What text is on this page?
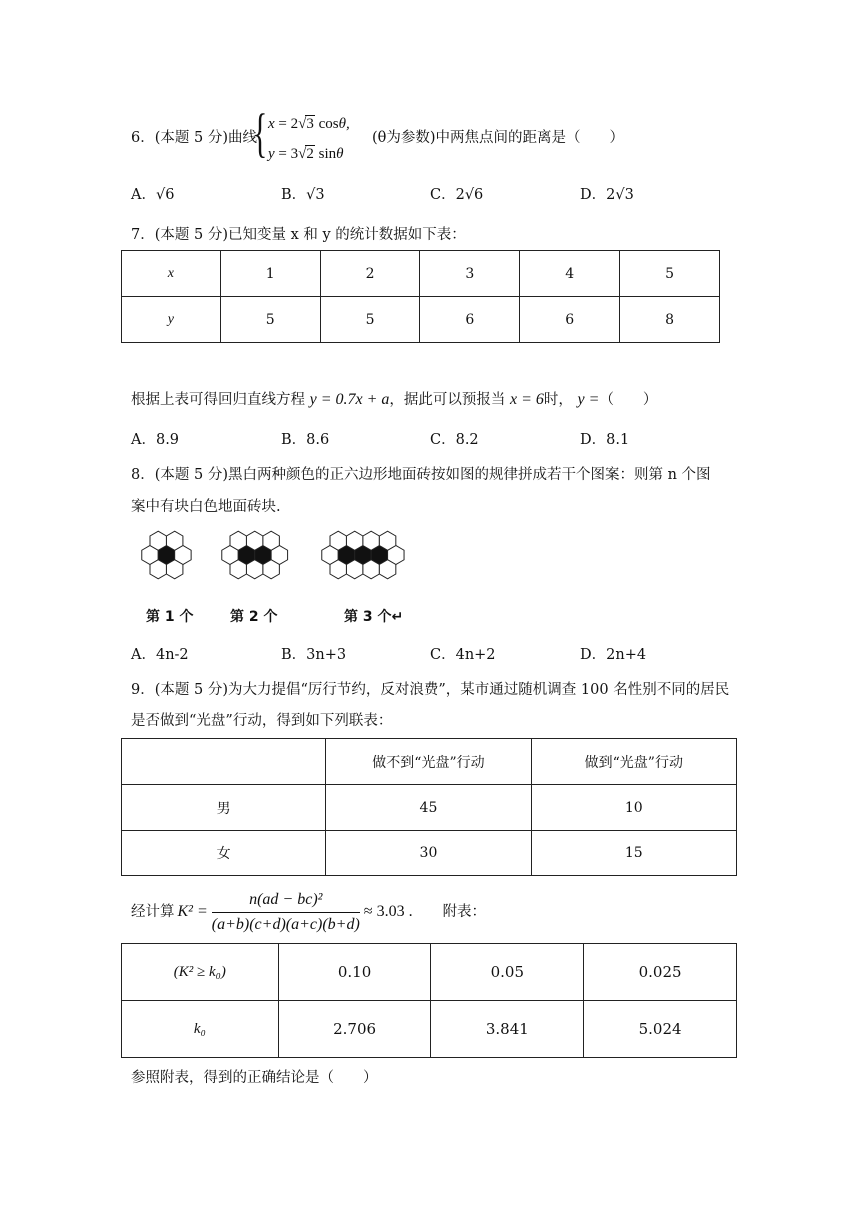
6．(本题 5 分)曲线
{ x = 2√3 cosθ,
y = 3√2 sinθ
(θ为参数)中两焦点间的距离是（　　）
A．√6	B．√3	C．2√6	D．2√3
7．(本题 5 分)已知变量 x 和 y 的统计数据如下表：
x	1	2	3	4	5
y	5	5	6	6	8
根据上表可得回归直线方程 y = 0.7x + a，据此可以预报当 x = 6时， y =（　　）
A．8.9	B．8.6	C．8.2	D．8.1
8．(本题 5 分)黑白两种颜色的正六边形地面砖按如图的规律拼成若干个图案：则第 n 个图
案中有块白色地面砖块.
第 1 个	第 2 个	第 3 个↵
A．4n-2	B．3n+3	C．4n+2	D．2n+4
9．(本题 5 分)为大力提倡“厉行节约，反对浪费”，某市通过随机调查 100 名性别不同的居民
是否做到“光盘”行动，得到如下列联表：
	做不到“光盘”行动	做到“光盘”行动
男	45	10
女	30	15
经计算 $K^2 = \frac{\text{n(ad − bc)²}}{(a+b)(c+d)(a+c)(b+d)} \approx 3.03$ . 附表：
(K² ≥ k₀)	0.10	0.05	0.025
k₀	2.706	3.841	5.024
参照附表，得到的正确结论是（　　）
